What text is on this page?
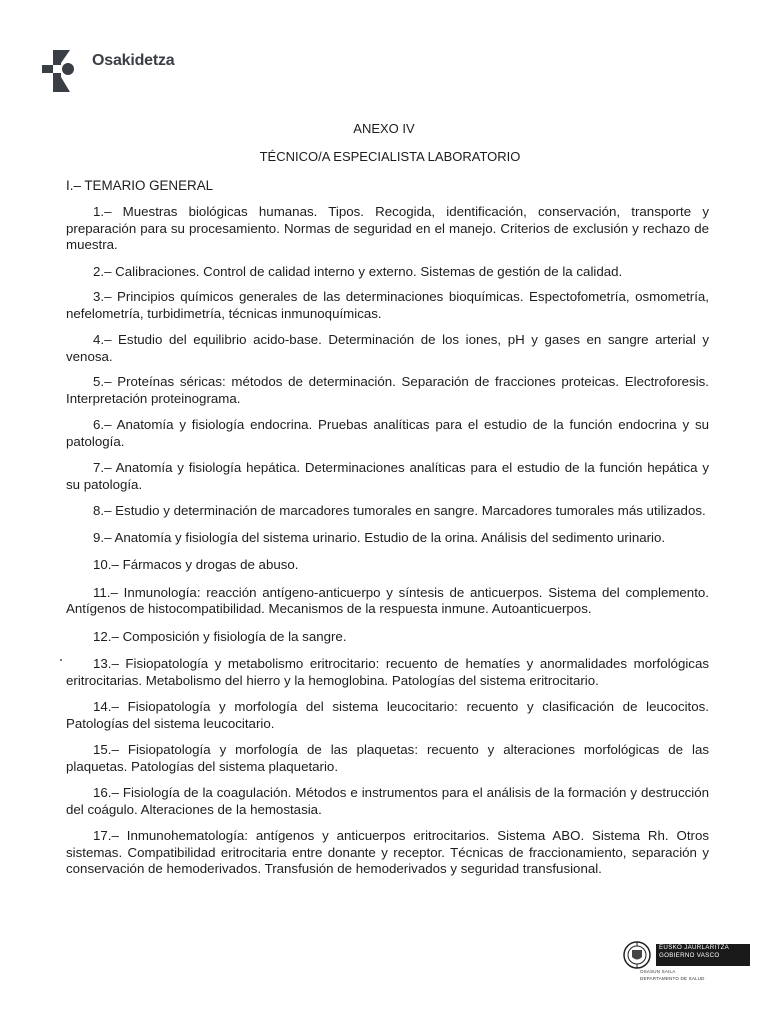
Osakidetza
ANEXO IV
TÉCNICO/A ESPECIALISTA LABORATORIO
I.– TEMARIO GENERAL

1.– Muestras biológicas humanas. Tipos. Recogida, identificación, conservación, transporte y preparación para su procesamiento. Normas de seguridad en el manejo. Criterios de exclusión y rechazo de muestra.

2.– Calibraciones. Control de calidad interno y externo. Sistemas de gestión de la calidad.

3.– Principios químicos generales de las determinaciones bioquímicas. Espectofometría, osmometría, nefelometría, turbidimetría, técnicas inmunoquímicas.

4.– Estudio del equilibrio acido-base. Determinación de los iones, pH y gases en sangre arterial y venosa.

5.– Proteínas séricas: métodos de determinación. Separación de fracciones proteicas. Electroforesis. Interpretación proteinograma.

6.– Anatomía y fisiología endocrina. Pruebas analíticas para el estudio de la función endocrina y su patología.

7.– Anatomía y fisiología hepática. Determinaciones analíticas para el estudio de la función hepática y su patología.

8.– Estudio y determinación de marcadores tumorales en sangre. Marcadores tumorales más utilizados.

9.– Anatomía y fisiología del sistema urinario. Estudio de la orina. Análisis del sedimento urinario.

10.– Fármacos y drogas de abuso.

11.– Inmunología: reacción antígeno-anticuerpo y síntesis de anticuerpos. Sistema del complemento. Antígenos de histocompatibilidad. Mecanismos de la respuesta inmune. Autoanticuerpos.

12.– Composición y fisiología de la sangre.

13.– Fisiopatología y metabolismo eritrocitario: recuento de hematíes y anormalidades morfológicas eritrocitarias. Metabolismo del hierro y la hemoglobina. Patologías del sistema eritrocitario.

14.– Fisiopatología y morfología del sistema leucocitario: recuento y clasificación de leucocitos. Patologías del sistema leucocitario.

15.– Fisiopatología y morfología de las plaquetas: recuento y alteraciones morfológicas de las plaquetas. Patologías del sistema plaquetario.

16.– Fisiología de la coagulación. Métodos e instrumentos para el análisis de la formación y destrucción del coágulo. Alteraciones de la hemostasia.

17.– Inmunohematología: antígenos y anticuerpos eritrocitarios. Sistema ABO. Sistema Rh. Otros sistemas. Compatibilidad eritrocitaria entre donante y receptor. Técnicas de fraccionamiento, separación y conservación de hemoderivados. Transfusión de hemoderivados y seguridad transfusional.

EUSKO JAURLARITZA
GOBIERNO VASCO
OSASUN SAILA
DEPARTAMENTO DE SALUD
